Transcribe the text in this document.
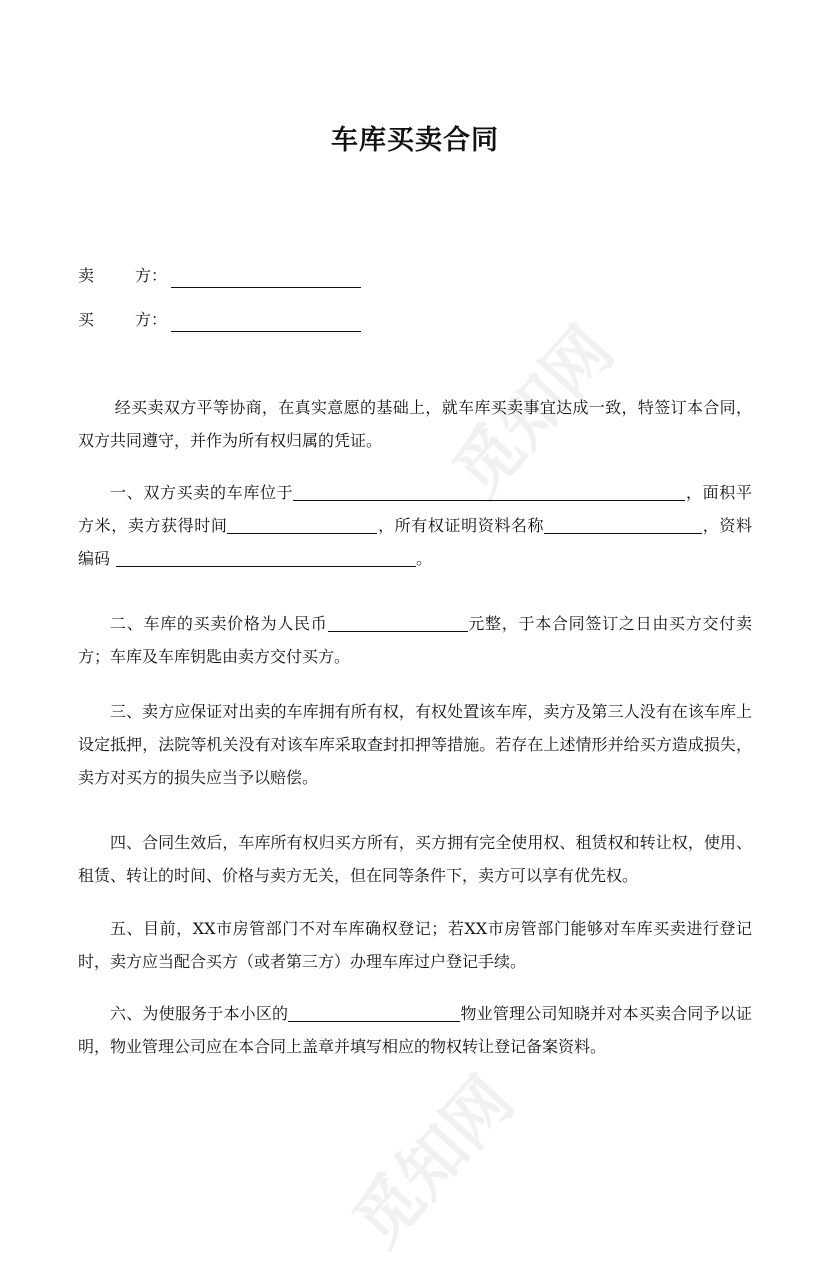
觅知网
觅知网
车库买卖合同
卖	方：
买	方：
经买卖双方平等协商，在真实意愿的基础上，就车库买卖事宜达成一致，特签订本合同，双方共同遵守，并作为所有权归属的凭证。
一、双方买卖的车库位于	，面积平方米，卖方获得时间	，所有权证明资料名称	，资料编码	。
二、车库的买卖价格为人民币	元整，于本合同签订之日由买方交付卖方；车库及车库钥匙由卖方交付买方。
三、卖方应保证对出卖的车库拥有所有权，有权处置该车库，卖方及第三人没有在该车库上设定抵押，法院等机关没有对该车库采取查封扣押等措施。若存在上述情形并给买方造成损失，卖方对买方的损失应当予以赔偿。
四、合同生效后，车库所有权归买方所有，买方拥有完全使用权、租赁权和转让权，使用、租赁、转让的时间、价格与卖方无关，但在同等条件下，卖方可以享有优先权。
五、目前，XX市房管部门不对车库确权登记；若XX市房管部门能够对车库买卖进行登记时，卖方应当配合买方（或者第三方）办理车库过户登记手续。
六、为使服务于本小区的	物业管理公司知晓并对本买卖合同予以证明，物业管理公司应在本合同上盖章并填写相应的物权转让登记备案资料。
